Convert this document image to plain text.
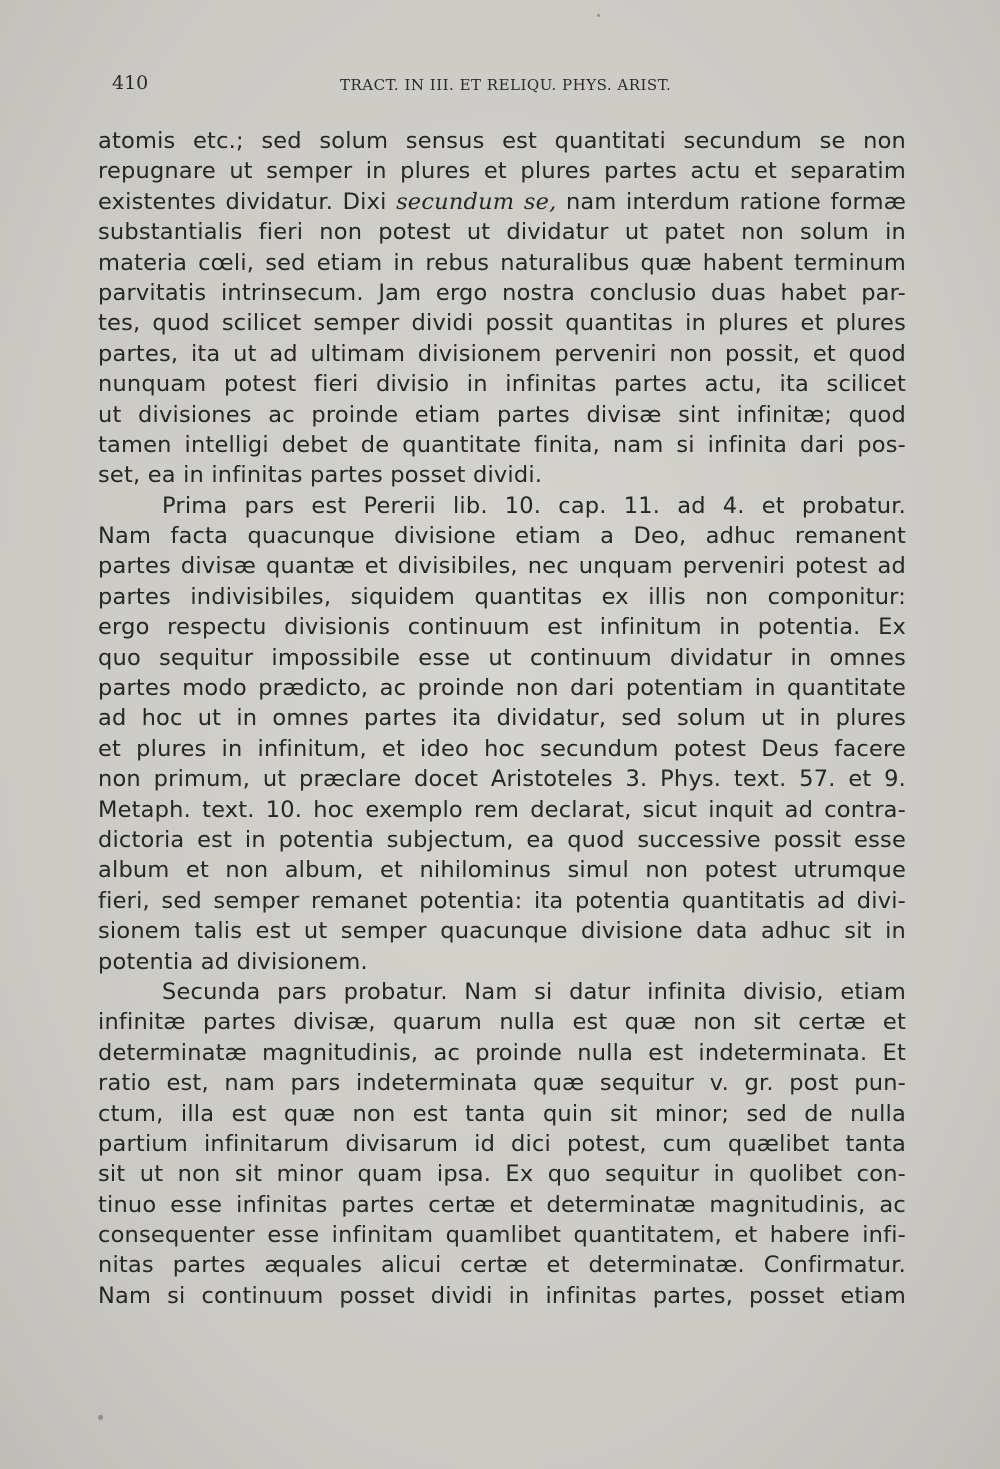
410	TRACT. IN III. ET RELIQU. PHYS. ARIST.

atomis etc.; sed solum sensus est quantitati secundum se non
repugnare ut semper in plures et plures partes actu et separatim
existentes dividatur. Dixi secundum se, nam interdum ratione formæ
substantialis fieri non potest ut dividatur ut patet non solum in
materia cœli, sed etiam in rebus naturalibus quæ habent terminum
parvitatis intrinsecum. Jam ergo nostra conclusio duas habet par-
tes, quod scilicet semper dividi possit quantitas in plures et plures
partes, ita ut ad ultimam divisionem perveniri non possit, et quod
nunquam potest fieri divisio in infinitas partes actu, ita scilicet
ut divisiones ac proinde etiam partes divisæ sint infinitæ; quod
tamen intelligi debet de quantitate finita, nam si infinita dari pos-
set, ea in infinitas partes posset dividi.

Prima pars est Pererii lib. 10. cap. 11. ad 4. et probatur.
Nam facta quacunque divisione etiam a Deo, adhuc remanent
partes divisæ quantæ et divisibiles, nec unquam perveniri potest ad
partes indivisibiles, siquidem quantitas ex illis non componitur:
ergo respectu divisionis continuum est infinitum in potentia. Ex
quo sequitur impossibile esse ut continuum dividatur in omnes
partes modo prædicto, ac proinde non dari potentiam in quantitate
ad hoc ut in omnes partes ita dividatur, sed solum ut in plures
et plures in infinitum, et ideo hoc secundum potest Deus facere
non primum, ut præclare docet Aristoteles 3. Phys. text. 57. et 9.
Metaph. text. 10. hoc exemplo rem declarat, sicut inquit ad contra-
dictoria est in potentia subjectum, ea quod successive possit esse
album et non album, et nihilominus simul non potest utrumque
fieri, sed semper remanet potentia: ita potentia quantitatis ad divi-
sionem talis est ut semper quacunque divisione data adhuc sit in
potentia ad divisionem.

Secunda pars probatur. Nam si datur infinita divisio, etiam
infinitæ partes divisæ, quarum nulla est quæ non sit certæ et
determinatæ magnitudinis, ac proinde nulla est indeterminata. Et
ratio est, nam pars indeterminata quæ sequitur v. gr. post pun-
ctum, illa est quæ non est tanta quin sit minor; sed de nulla
partium infinitarum divisarum id dici potest, cum quælibet tanta
sit ut non sit minor quam ipsa. Ex quo sequitur in quolibet con-
tinuo esse infinitas partes certæ et determinatæ magnitudinis, ac
consequenter esse infinitam quamlibet quantitatem, et habere infi-
nitas partes æquales alicui certæ et determinatæ. Confirmatur.
Nam si continuum posset dividi in infinitas partes, posset etiam
